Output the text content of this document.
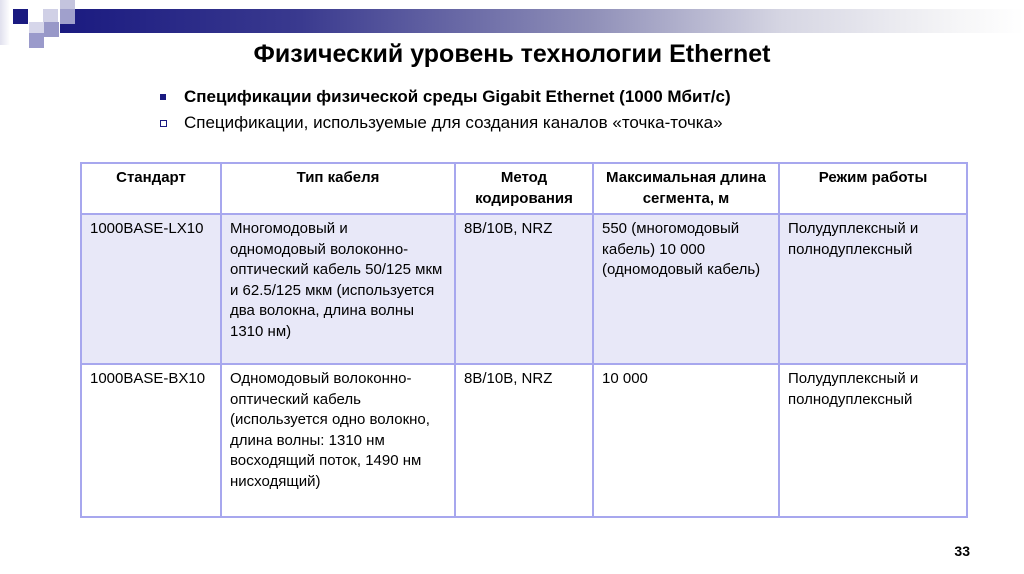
Физический уровень технологии Ethernet
Спецификации физической среды Gigabit Ethernet (1000 Мбит/с)
Спецификации, используемые для создания каналов «точка-точка»
Стандарт	Тип кабеля	Метод кодирования	Максимальная длина сегмента, м	Режим работы
1000BASE-LX10	Многомодовый и одномодовый волоконно-оптический кабель 50/125 мкм и 62.5/125 мкм (используется два волокна, длина волны 1310 нм)	8B/10B, NRZ	550 (многомодовый кабель) 10 000 (одномодовый кабель)	Полудуплексный и полнодуплексный
1000BASE-BX10	Одномодовый волоконно-оптический кабель (используется одно волокно, длина волны: 1310 нм восходящий поток, 1490 нм нисходящий)	8B/10B, NRZ	10 000	Полудуплексный и полнодуплексный
33
